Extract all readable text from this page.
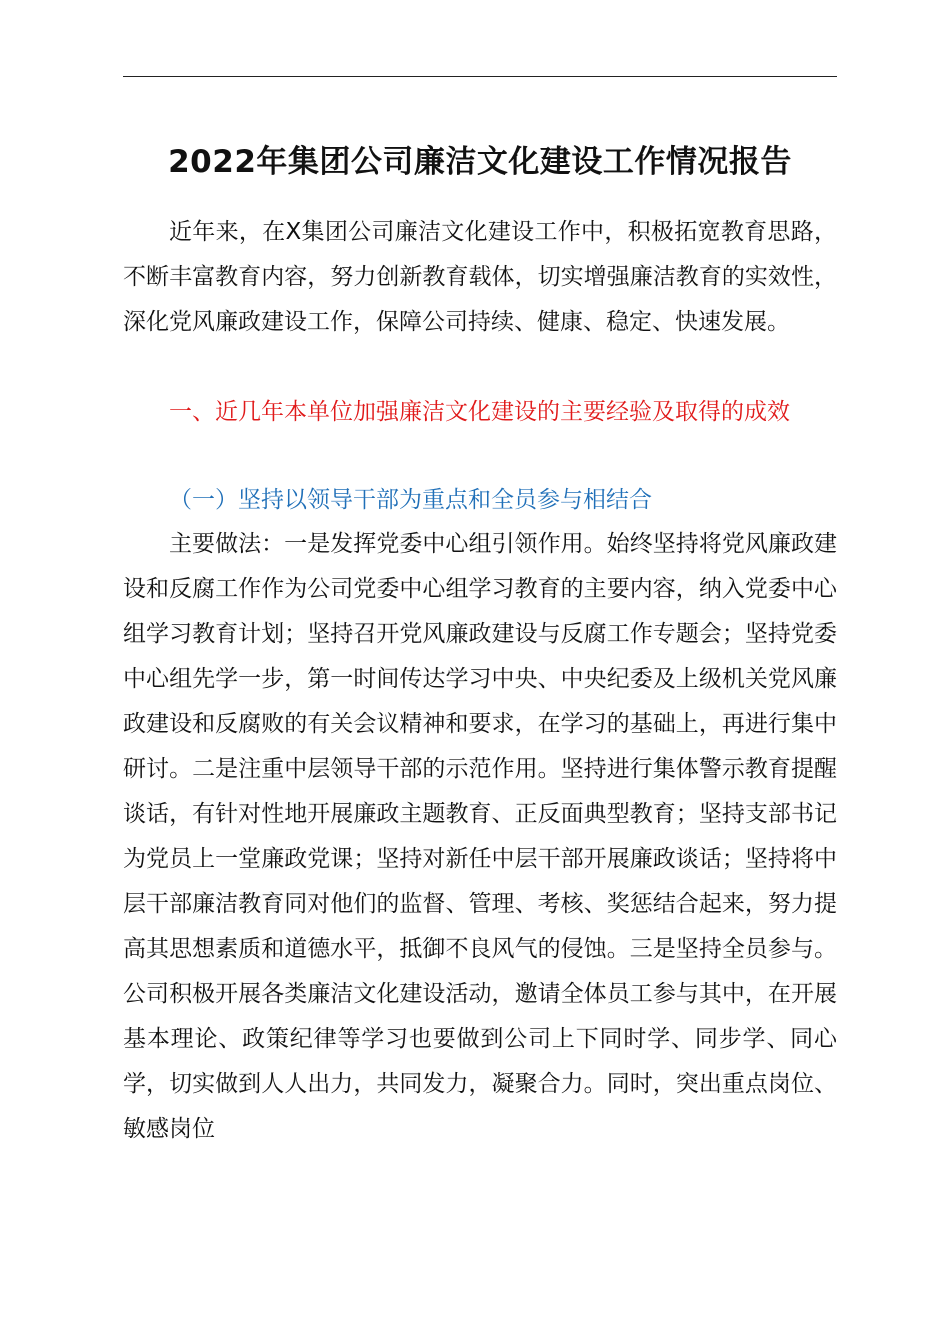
2022年集团公司廉洁文化建设工作情况报告

近年来，在X集团公司廉洁文化建设工作中，积极拓宽教育思路，不断丰富教育内容，努力创新教育载体，切实增强廉洁教育的实效性，深化党风廉政建设工作，保障公司持续、健康、稳定、快速发展。

一、近几年本单位加强廉洁文化建设的主要经验及取得的成效

（一）坚持以领导干部为重点和全员参与相结合

主要做法：一是发挥党委中心组引领作用。始终坚持将党风廉政建设和反腐工作作为公司党委中心组学习教育的主要内容，纳入党委中心组学习教育计划；坚持召开党风廉政建设与反腐工作专题会；坚持党委中心组先学一步，第一时间传达学习中央、中央纪委及上级机关党风廉政建设和反腐败的有关会议精神和要求，在学习的基础上，再进行集中研讨。二是注重中层领导干部的示范作用。坚持进行集体警示教育提醒谈话，有针对性地开展廉政主题教育、正反面典型教育；坚持支部书记为党员上一堂廉政党课；坚持对新任中层干部开展廉政谈话；坚持将中层干部廉洁教育同对他们的监督、管理、考核、奖惩结合起来，努力提高其思想素质和道德水平，抵御不良风气的侵蚀。三是坚持全员参与。公司积极开展各类廉洁文化建设活动，邀请全体员工参与其中，在开展基本理论、政策纪律等学习也要做到公司上下同时学、同步学、同心学，切实做到人人出力，共同发力，凝聚合力。同时，突出重点岗位、敏感岗位
